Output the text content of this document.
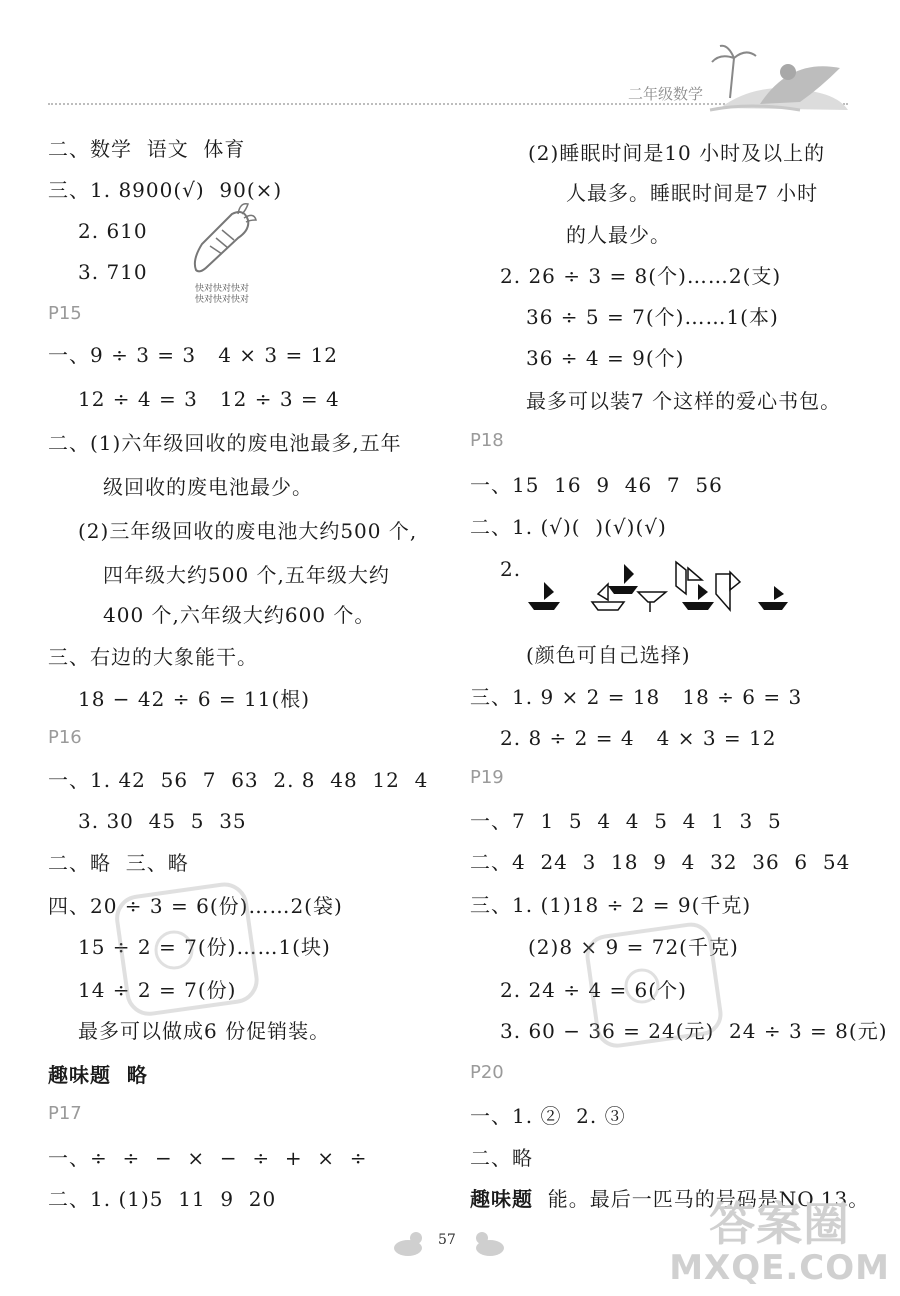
二年级数学
二、数学  语文  体育
三、1. 8900(√)  90(×)
2. 610
3. 710
P15
一、9 ÷ 3 = 3   4 × 3 = 12
12 ÷ 4 = 3   12 ÷ 3 = 4
二、(1)六年级回收的废电池最多,五年
级回收的废电池最少。
(2)三年级回收的废电池大约500 个,
四年级大约500 个,五年级大约
400 个,六年级大约600 个。
三、右边的大象能干。
18 − 42 ÷ 6 = 11(根)
P16
一、1. 42  56  7  63  2. 8  48  12  4
3. 30  45  5  35
二、略  三、略
四、20 ÷ 3 = 6(份)……2(袋)
15 ÷ 2 = 7(份)……1(块)
14 ÷ 2 = 7(份)
最多可以做成6 份促销装。
趣味题  略
P17
一、÷  ÷  −  ×  −  ÷  +  ×  ÷
二、1. (1)5  11  9  20
(2)睡眠时间是10 小时及以上的
人最多。睡眠时间是7 小时
的人最少。
2. 26 ÷ 3 = 8(个)……2(支)
36 ÷ 5 = 7(个)……1(本)
36 ÷ 4 = 9(个)
最多可以装7 个这样的爱心书包。
P18
一、15  16  9  46  7  56
二、1. (√)(  )(√)(√)
2.
(颜色可自己选择)
三、1. 9 × 2 = 18   18 ÷ 6 = 3
2. 8 ÷ 2 = 4   4 × 3 = 12
P19
一、7  1  5  4  4  5  4  1  3  5
二、4  24  3  18  9  4  32  36  6  54
三、1. (1)18 ÷ 2 = 9(千克)
(2)8 × 9 = 72(千克)
2. 24 ÷ 4 = 6(个)
3. 60 − 36 = 24(元)  24 ÷ 3 = 8(元)
P20
一、1. ②  2. ③
二、略
趣味题  能。最后一匹马的号码是NO.13。
快对快对快对
快对快对快对
57	答案圈
MXQE.COM
